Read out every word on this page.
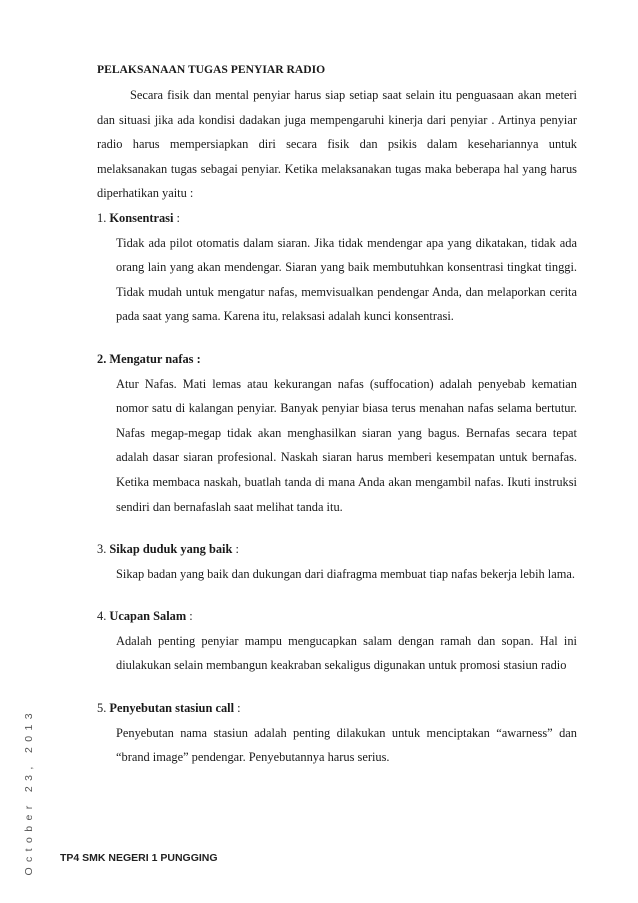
October 23, 2013

PELAKSANAAN TUGAS PENYIAR RADIO

Secara fisik dan mental penyiar harus siap setiap saat selain itu penguasaan akan meteri dan situasi jika ada kondisi dadakan juga mempengaruhi kinerja dari penyiar . Artinya penyiar radio harus mempersiapkan diri secara fisik dan psikis dalam kesehariannya untuk melaksanakan tugas sebagai penyiar. Ketika melaksanakan tugas maka beberapa hal yang harus diperhatikan yaitu :

1. Konsentrasi :

Tidak ada pilot otomatis dalam siaran. Jika tidak mendengar apa yang dikatakan, tidak ada orang lain yang akan mendengar. Siaran yang baik membutuhkan konsentrasi tingkat tinggi. Tidak mudah untuk mengatur nafas, memvisualkan pendengar Anda, dan melaporkan cerita pada saat yang sama. Karena itu, relaksasi adalah kunci konsentrasi.

2. Mengatur nafas :

Atur Nafas. Mati lemas atau kekurangan nafas (suffocation) adalah penyebab kematian nomor satu di kalangan penyiar. Banyak penyiar biasa terus menahan nafas selama bertutur. Nafas megap-megap tidak akan menghasilkan siaran yang bagus. Bernafas secara tepat adalah dasar siaran profesional. Naskah siaran harus memberi kesempatan untuk bernafas. Ketika membaca naskah, buatlah tanda di mana Anda akan mengambil nafas. Ikuti instruksi sendiri dan bernafaslah saat melihat tanda itu.

3. Sikap duduk yang baik :

Sikap badan yang baik dan dukungan dari diafragma membuat tiap nafas bekerja lebih lama.

4. Ucapan Salam :

Adalah penting penyiar mampu mengucapkan salam dengan ramah dan sopan. Hal ini diulakukan selain membangun keakraban sekaligus digunakan untuk promosi stasiun radio

5. Penyebutan stasiun call :

Penyebutan nama stasiun adalah penting dilakukan untuk menciptakan “awarness” dan “brand image” pendengar. Penyebutannya harus serius.

TP4 SMK NEGERI 1 PUNGGING
